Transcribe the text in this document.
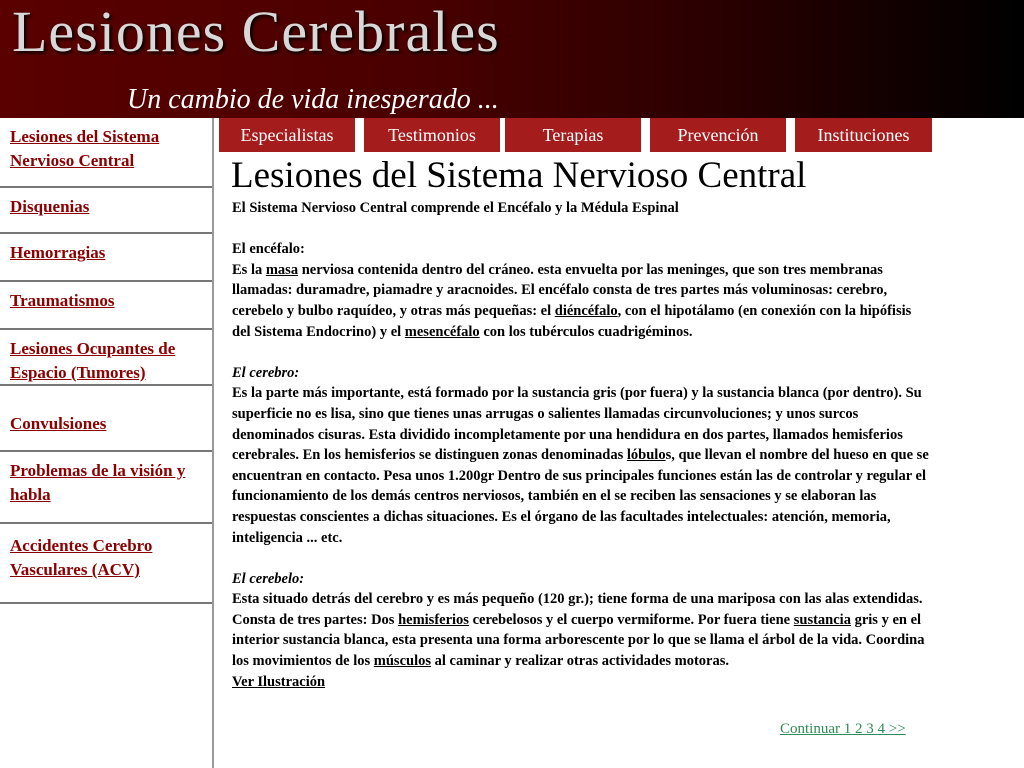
Lesiones Cerebrales
Un cambio de vida inesperado ...
Lesiones del Sistema Nervioso Central
Disquenias
Hemorragias
Traumatismos
Lesiones Ocupantes de Espacio (Tumores)
Convulsiones
Problemas de la visión y habla
Accidentes Cerebro Vasculares (ACV)
Especialistas	Testimonios	Terapias	Prevención	Instituciones
Lesiones del Sistema Nervioso Central

El Sistema Nervioso Central comprende el Encéfalo y la Médula Espinal

El encéfalo:

Es la masa nerviosa contenida dentro del cráneo. esta envuelta por las meninges, que son tres membranas llamadas: duramadre, piamadre y aracnoides. El encéfalo consta de tres partes más voluminosas: cerebro, cerebelo y bulbo raquídeo, y otras más pequeñas: el diéncéfalo, con el hipotálamo (en conexión con la hipófisis del Sistema Endocrino) y el mesencéfalo con los tubérculos cuadrigéminos.

El cerebro:

Es la parte más importante, está formado por la sustancia gris (por fuera) y la sustancia blanca (por dentro). Su superficie no es lisa, sino que tienes unas arrugas o salientes llamadas circunvoluciones; y unos surcos denominados cisuras. Esta dividido incompletamente por una hendidura en dos partes, llamados hemisferios cerebrales. En los hemisferios se distinguen zonas denominadas lóbulos, que llevan el nombre del hueso en que se encuentran en contacto. Pesa unos 1.200gr Dentro de sus principales funciones están las de controlar y regular el funcionamiento de los demás centros nerviosos, también en el se reciben las sensaciones y se elaboran las respuestas conscientes a dichas situaciones. Es el órgano de las facultades intelectuales: atención, memoria, inteligencia ... etc.

El cerebelo:

Esta situado detrás del cerebro y es más pequeño (120 gr.); tiene forma de una mariposa con las alas extendidas. Consta de tres partes: Dos hemisferios cerebelosos y el cuerpo vermiforme. Por fuera tiene sustancia gris y en el interior sustancia blanca, esta presenta una forma arborescente por lo que se llama el árbol de la vida. Coordina los movimientos de los músculos al caminar y realizar otras actividades motoras.

Ver Ilustración

Continuar 1 2 3 4 >>
